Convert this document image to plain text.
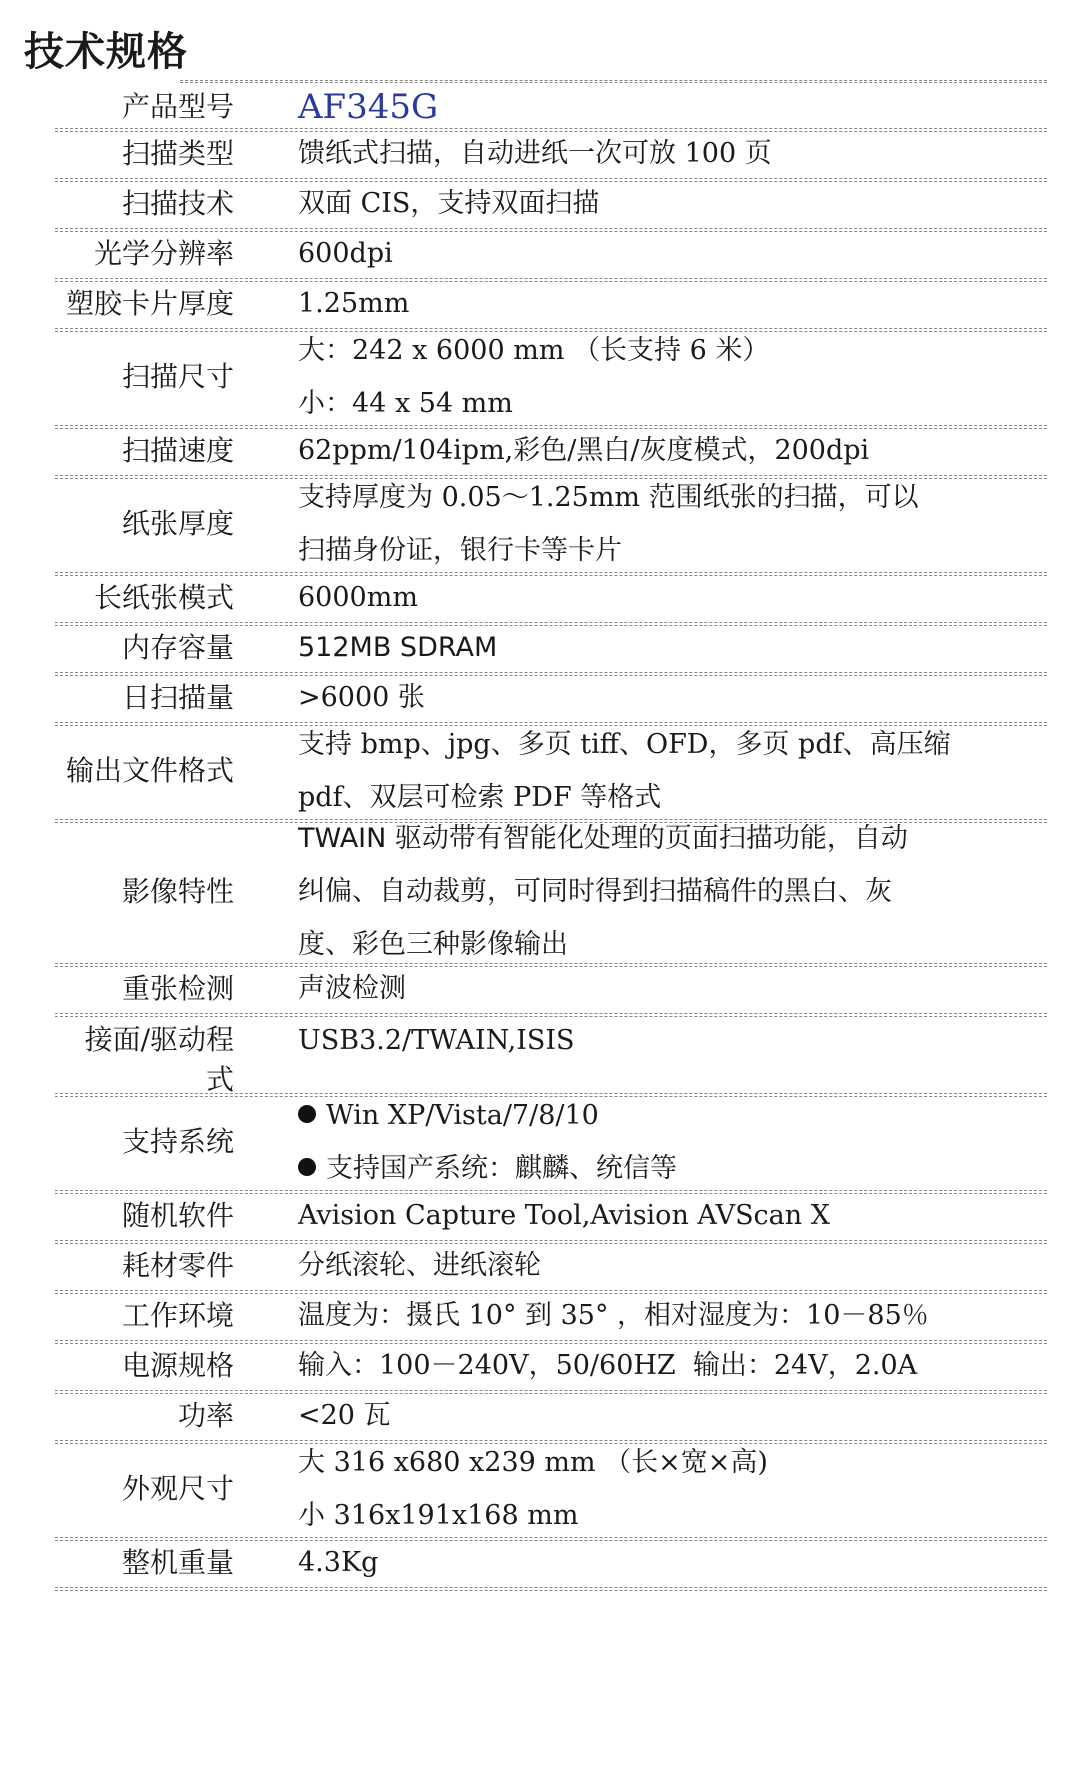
技术规格
产品型号 AF345G
扫描类型 馈纸式扫描，自动进纸一次可放 100 页
扫描技术 双面 CIS，支持双面扫描
光学分辨率 600dpi
塑胶卡片厚度 1.25mm
扫描尺寸
大：242 x 6000 mm （长支持 6 米）
小：44 x 54 mm
扫描速度 62ppm/104ipm,彩色/黑白/灰度模式，200dpi
纸张厚度
支持厚度为 0.05～1.25mm 范围纸张的扫描，可以
扫描身份证，银行卡等卡片
长纸张模式 6000mm
内存容量 512MB SDRAM
日扫描量 >6000 张
输出文件格式
支持 bmp、jpg、多页 tiff、OFD，多页 pdf、高压缩
pdf、双层可检索 PDF 等格式
影像特性
TWAIN 驱动带有智能化处理的页面扫描功能，自动
纠偏、自动裁剪，可同时得到扫描稿件的黑白、灰
度、彩色三种影像输出
重张检测 声波检测
接面/驱动程
式
USB3.2/TWAIN,ISIS
支持系统
Win XP/Vista/7/8/10
支持国产系统：麒麟、统信等
随机软件 Avision Capture Tool,Avision AVScan X
耗材零件 分纸滚轮、进纸滚轮
工作环境 温度为：摄氏 10° 到 35° ，相对湿度为：10－85％
电源规格 输入：100－240V，50/60HZ  输出：24V，2.0A
功率 <20 瓦
外观尺寸
大 316 x680 x239 mm （长×宽×高)
小 316x191x168 mm
整机重量 4.3Kg
